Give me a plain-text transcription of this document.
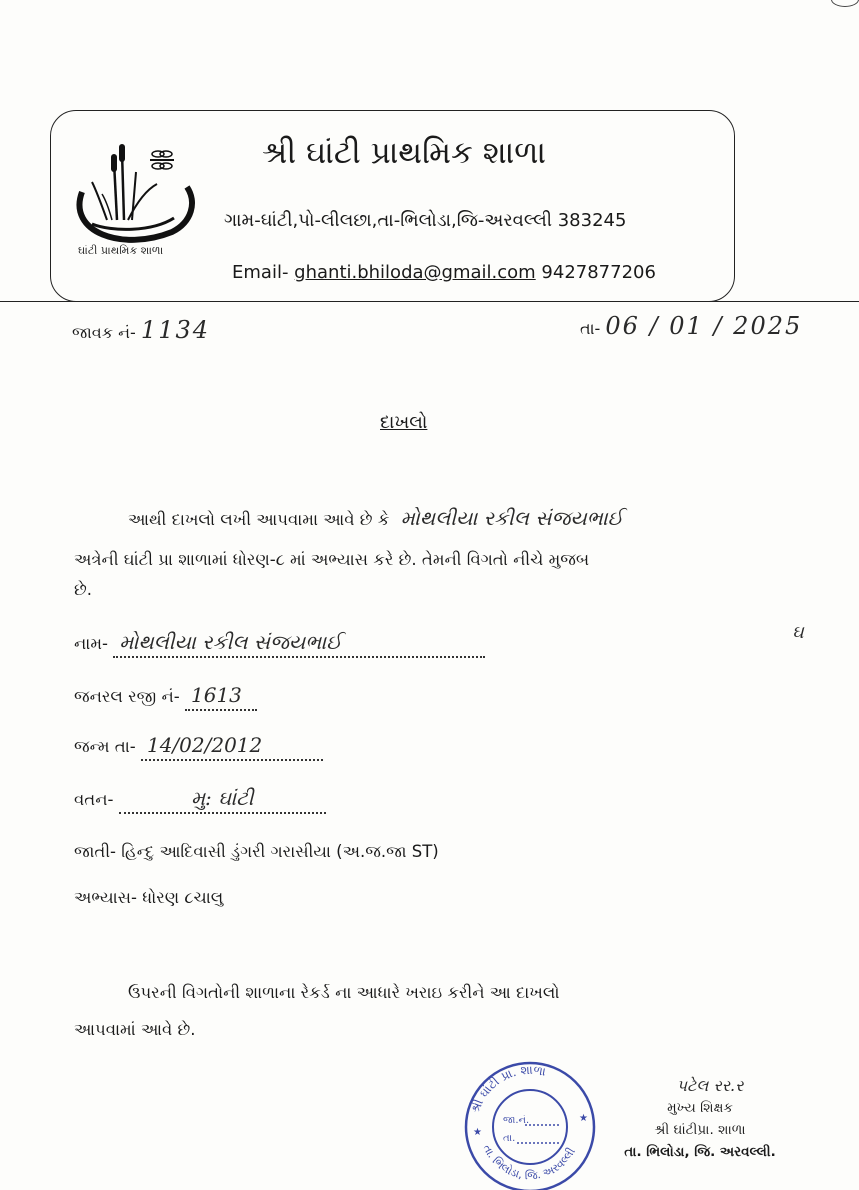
ઘાંટી પ્રાથમિક શાળા
શ્રી ઘાંટી પ્રાથમિક શાળા
ગામ-ઘાંટી,પો-લીલછા,તા-ભિલોડા,જિ-અરવલ્લી 383245
Email- ghanti.bhiloda@gmail.com 9427877206
જાવક નં- 1134	તા- 06 / 01 / 2025
દાખલો
આથી દાખલો લખી આપવામા આવે છે કે મોથલીયા રકીલ સંજયભાઈ
અત્રેની ઘાંટી પ્રા શાળામાં ધોરણ-૮ માં અભ્યાસ કરે છે. તેમની વિગતો નીચે મુજબ
છે.
નામ- મોથલીયા રકીલ સંજયભાઈ	ઘ
જનરલ રજી નં- 1613
જન્મ તા- 14/02/2012
વતન-	મુ: ઘાંટી
જાતી- હિન્દુ આદિવાસી ડુંગરી ગરાસીયા (અ.જ.જા ST)
અભ્યાસ- ધોરણ ૮ચાલુ
ઉપરની વિગતોની શાળાના રેકર્ડ ના આધારે ખરાઇ કરીને આ દાખલો
આપવામાં આવે છે.
શ્રી ઘાંટી પ્રા. શાળા
તા. ભિલોડા, જિ. અરવલ્લી
જા.નં.
તા.
★
★
પટેલ રર.ર
મુખ્ય શિક્ષક
શ્રી ઘાંટીપ્રા. શાળા
તા. ભિલોડા, જિ. અરવલ્લી.
